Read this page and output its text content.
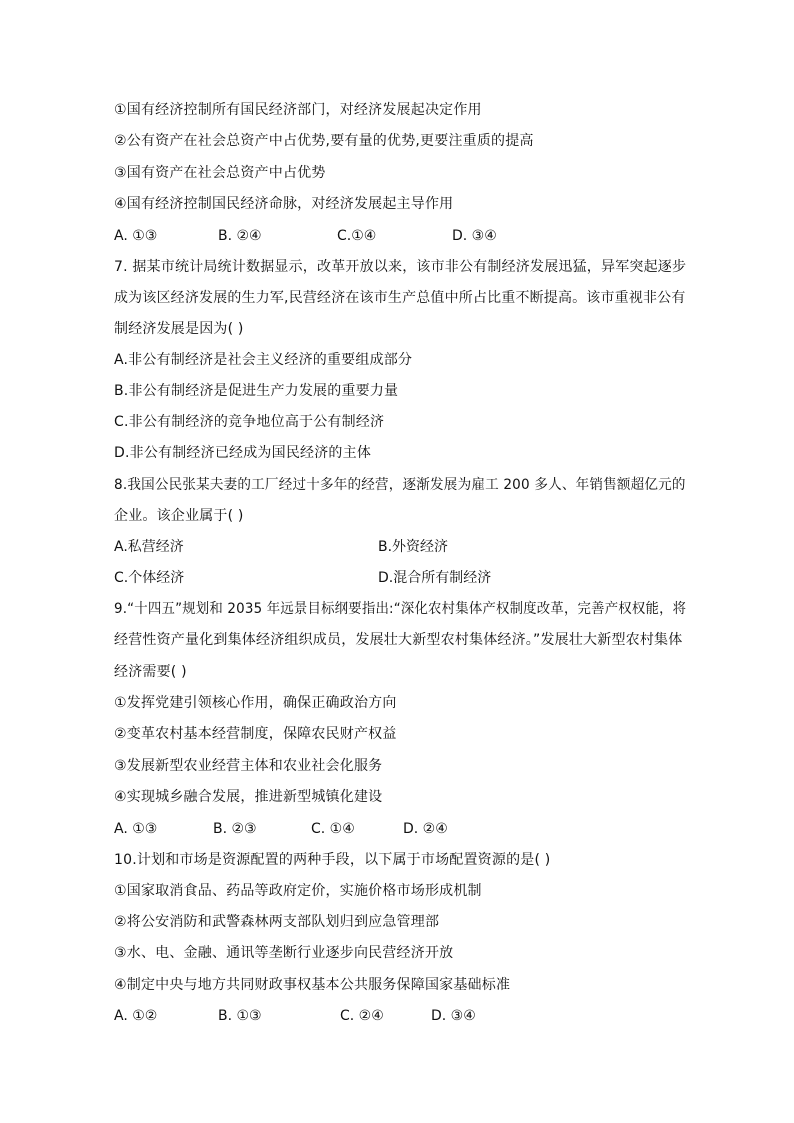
①国有经济控制所有国民经济部门，对经济发展起决定作用
②公有资产在社会总资产中占优势,要有量的优势,更要注重质的提高
③国有资产在社会总资产中占优势
④国有经济控制国民经济命脉，对经济发展起主导作用
A. ①③	B. ②④	C.①④	D. ③④
7. 据某市统计局统计数据显示，改革开放以来，该市非公有制经济发展迅猛，异军突起逐步
成为该区经济发展的生力军,民营经济在该市生产总值中所占比重不断提高。该市重视非公有
制经济发展是因为( )
A.非公有制经济是社会主义经济的重要组成部分
B.非公有制经济是促进生产力发展的重要力量
C.非公有制经济的竞争地位高于公有制经济
D.非公有制经济已经成为国民经济的主体
8.我国公民张某夫妻的工厂经过十多年的经营，逐渐发展为雇工 200 多人、年销售额超亿元的
企业。该企业属于( )
A.私营经济	B.外资经济
C.个体经济	D.混合所有制经济
9.“十四五”规划和 2035 年远景目标纲要指出:“深化农村集体产权制度改革，完善产权权能，将
经营性资产量化到集体经济组织成员，发展壮大新型农村集体经济。”发展壮大新型农村集体
经济需要( )
①发挥党建引领核心作用，确保正确政治方向
②变革农村基本经营制度，保障农民财产权益
③发展新型农业经营主体和农业社会化服务
④实现城乡融合发展，推进新型城镇化建设
A. ①③	B. ②③	C. ①④	D. ②④
10.计划和市场是资源配置的两种手段，以下属于市场配置资源的是( )
①国家取消食品、药品等政府定价，实施价格市场形成机制
②将公安消防和武警森林两支部队划归到应急管理部
③水、电、金融、通讯等垄断行业逐步向民营经济开放
④制定中央与地方共同财政事权基本公共服务保障国家基础标准
A. ①②	B. ①③	C. ②④	D. ③④
